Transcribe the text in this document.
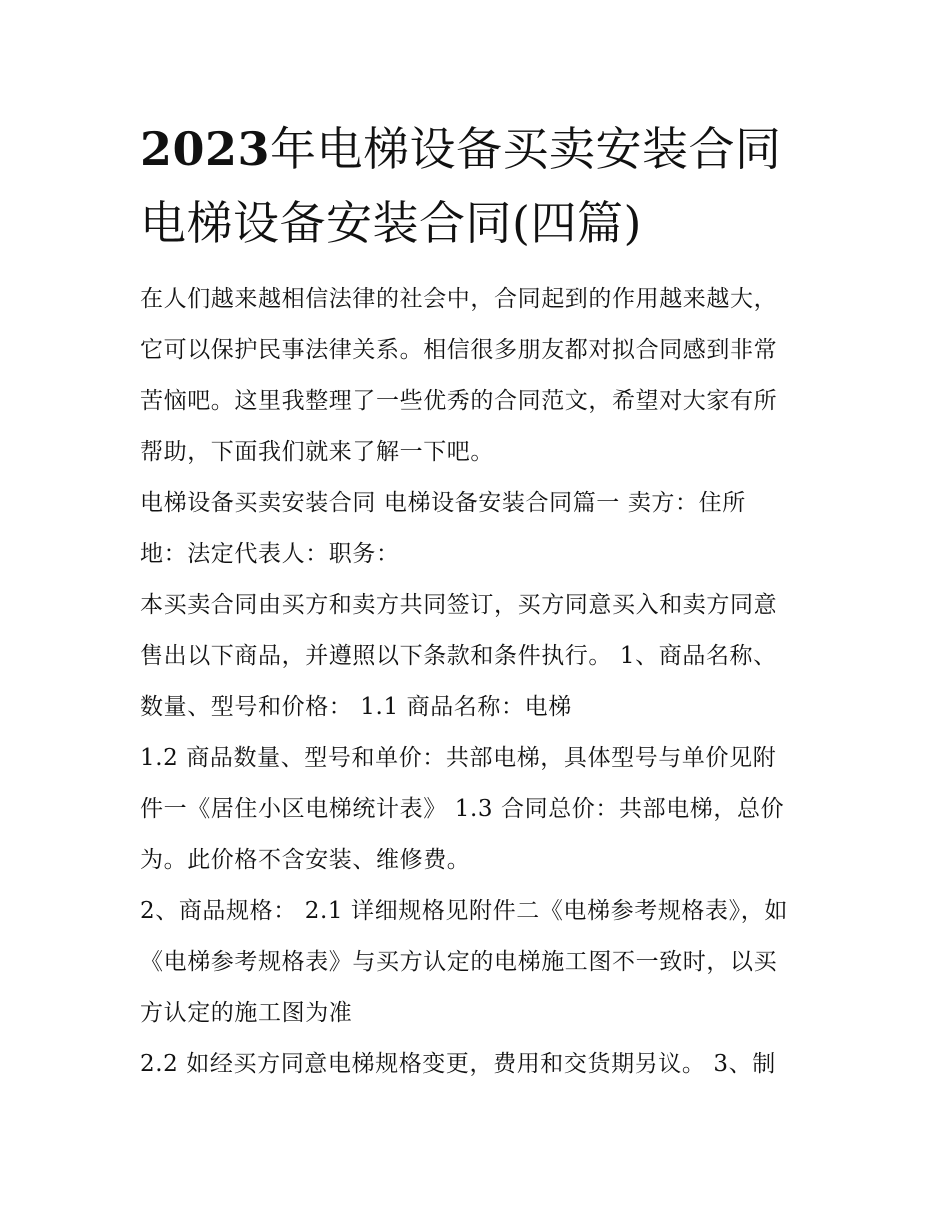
2023年电梯设备买卖安装合同
电梯设备安装合同(四篇)

在人们越来越相信法律的社会中，合同起到的作用越来越大，
它可以保护民事法律关系。相信很多朋友都对拟合同感到非常
苦恼吧。这里我整理了一些优秀的合同范文，希望对大家有所
帮助，下面我们就来了解一下吧。

电梯设备买卖安装合同 电梯设备安装合同篇一 卖方：住所
地：法定代表人：职务：

本买卖合同由买方和卖方共同签订，买方同意买入和卖方同意
售出以下商品，并遵照以下条款和条件执行。 1、商品名称、
数量、型号和价格： 1.1 商品名称：电梯

1.2 商品数量、型号和单价：共部电梯，具体型号与单价见附
件一《居住小区电梯统计表》 1.3 合同总价：共部电梯，总价
为。此价格不含安装、维修费。

2、商品规格： 2.1 详细规格见附件二《电梯参考规格表》，如
《电梯参考规格表》与买方认定的电梯施工图不一致时，以买
方认定的施工图为准

2.2 如经买方同意电梯规格变更，费用和交货期另议。 3、制
